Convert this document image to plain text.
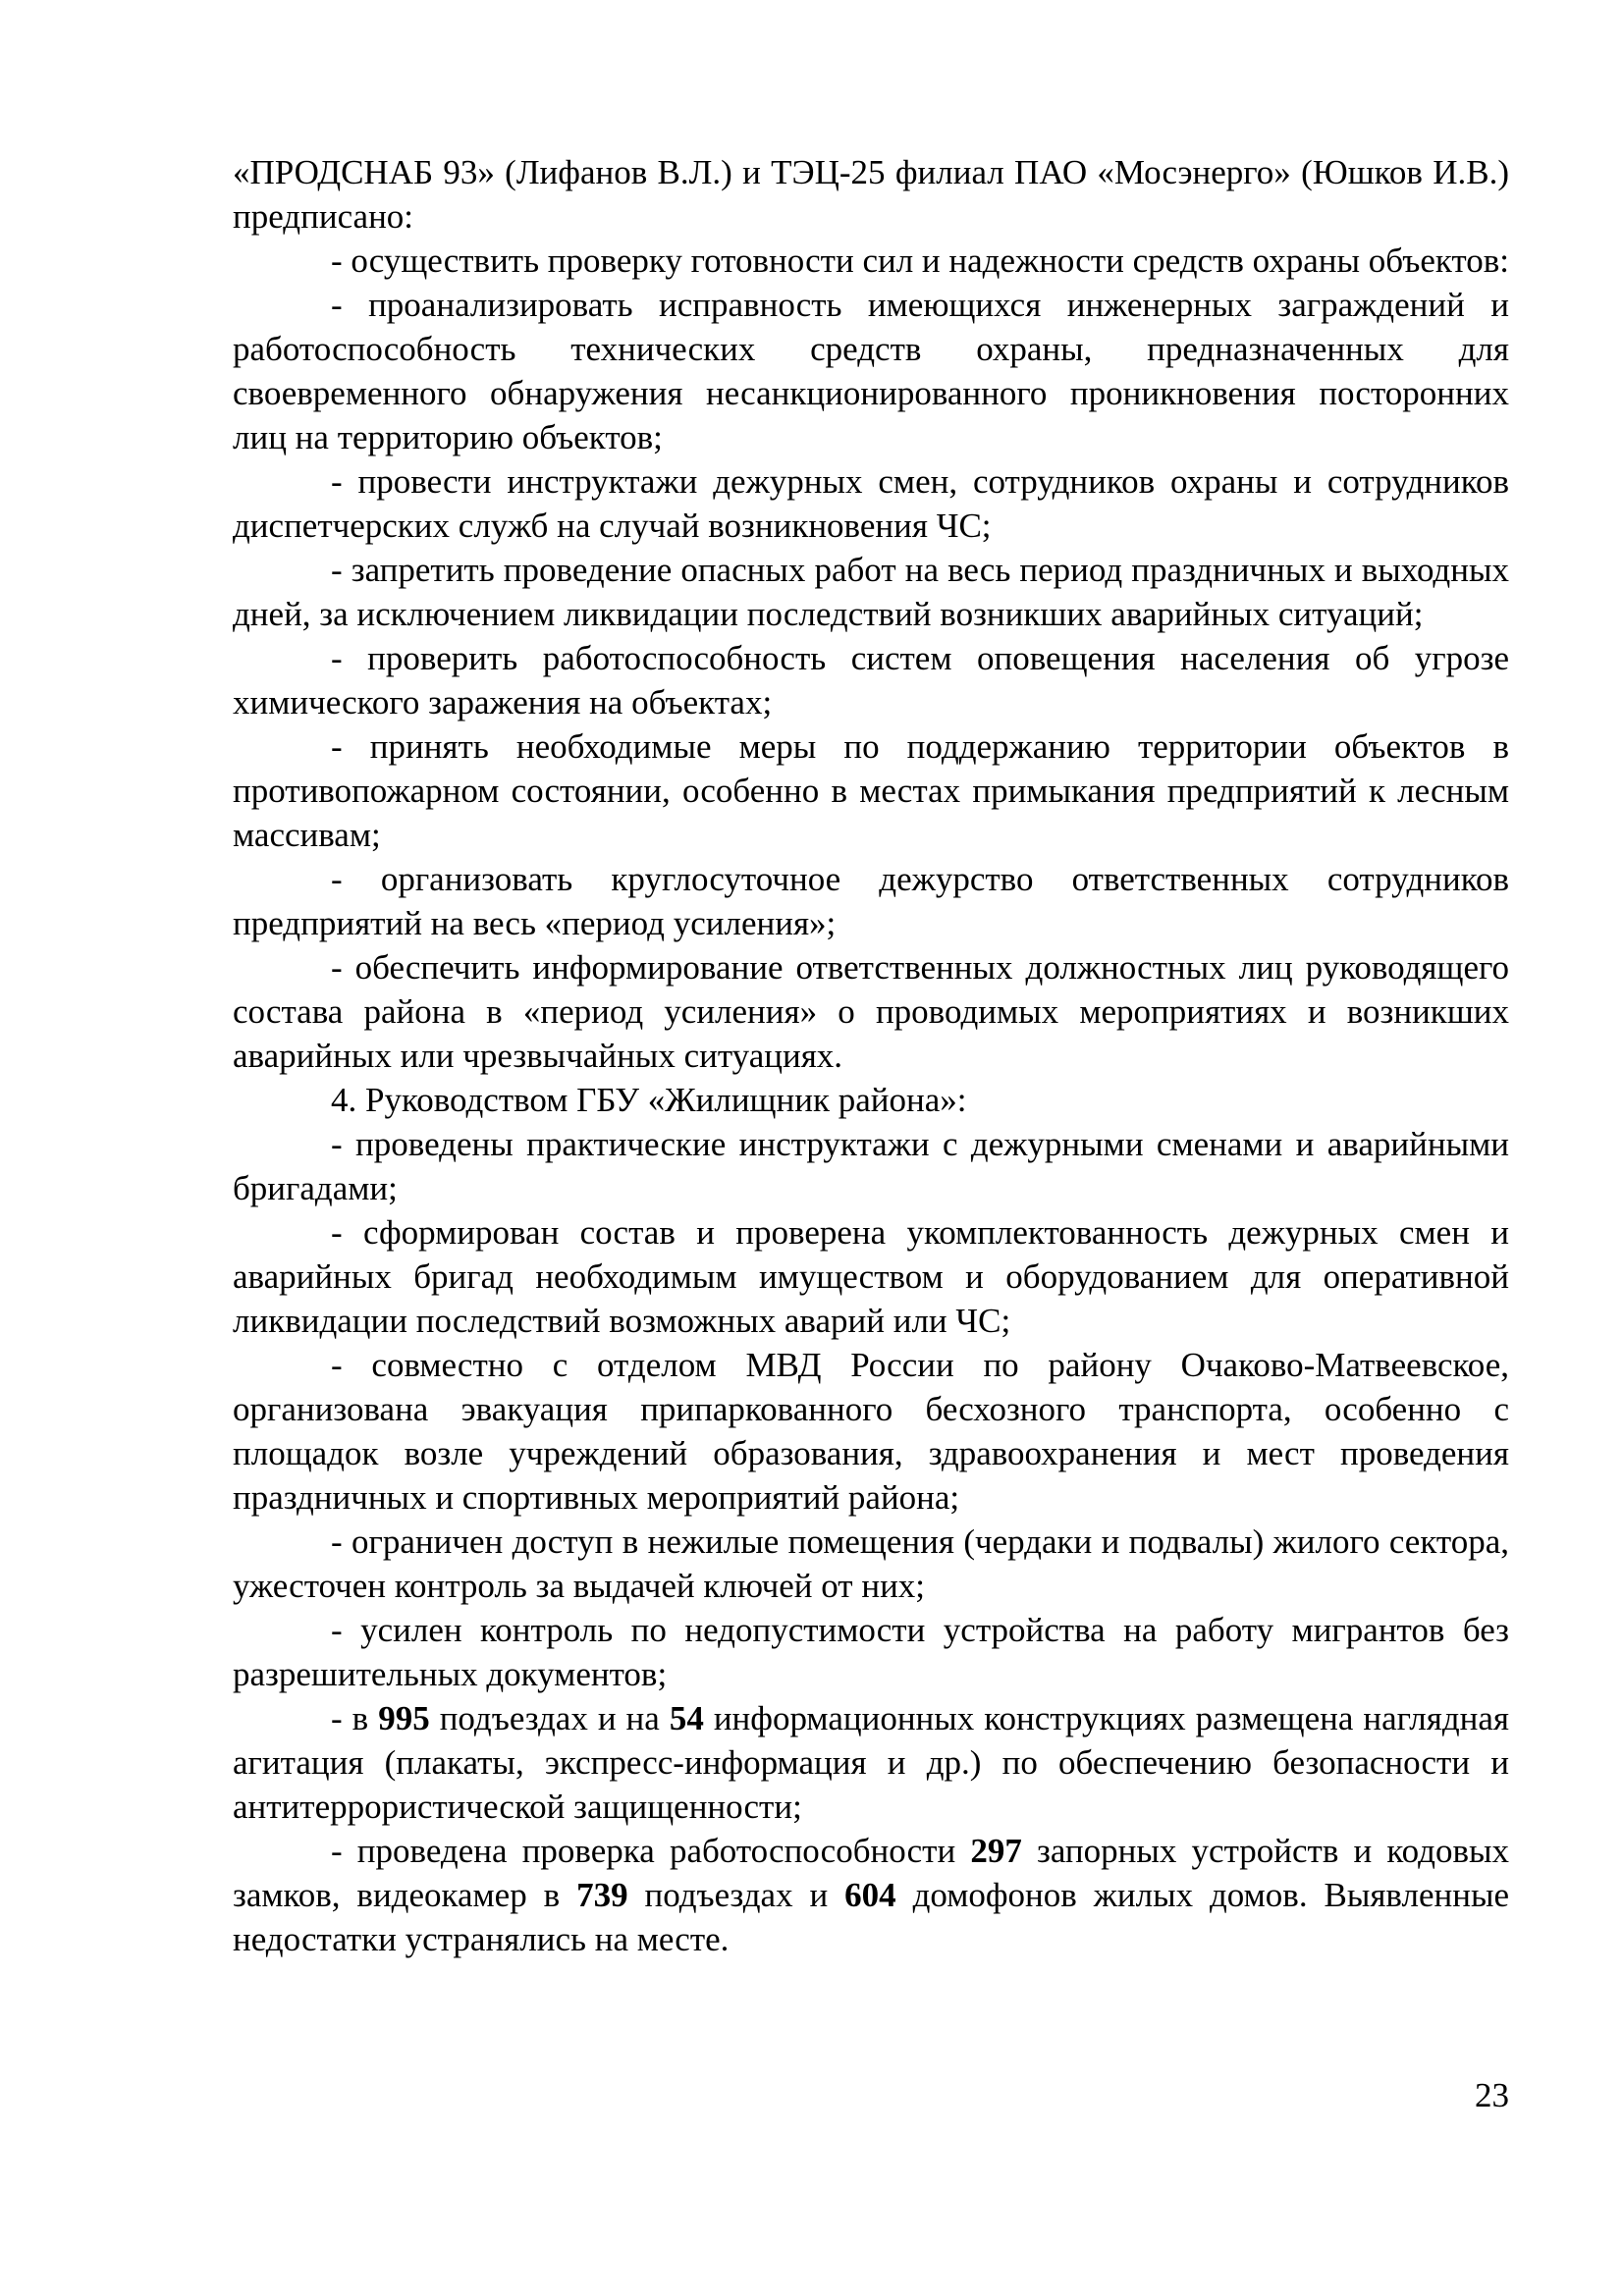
«ПРОДСНАБ 93» (Лифанов В.Л.) и ТЭЦ-25 филиал ПАО «Мосэнерго» (Юшков И.В.) предписано:

- осуществить проверку готовности сил и надежности средств охраны объектов:

- проанализировать исправность имеющихся инженерных заграждений и работоспособность технических средств охраны, предназначенных для своевременного обнаружения несанкционированного проникновения посторонних лиц на территорию объектов;

- провести инструктажи дежурных смен, сотрудников охраны и сотрудников диспетчерских служб на случай возникновения ЧС;

- запретить проведение опасных работ на весь период праздничных и выходных дней, за исключением ликвидации последствий возникших аварийных ситуаций;

- проверить работоспособность систем оповещения населения об угрозе химического заражения на объектах;

- принять необходимые меры по поддержанию территории объектов в противопожарном состоянии, особенно в местах примыкания предприятий к лесным массивам;

- организовать круглосуточное дежурство ответственных сотрудников предприятий на весь «период усиления»;

- обеспечить информирование ответственных должностных лиц руководящего состава района в «период усиления» о проводимых мероприятиях и возникших аварийных или чрезвычайных ситуациях.

4. Руководством ГБУ «Жилищник района»:

- проведены практические инструктажи с дежурными сменами и аварийными бригадами;

- сформирован состав и проверена укомплектованность дежурных смен и аварийных бригад необходимым имуществом и оборудованием для оперативной ликвидации последствий возможных аварий или ЧС;

- совместно с отделом МВД России по району Очаково-Матвеевское, организована эвакуация припаркованного бесхозного транспорта, особенно с площадок возле учреждений образования, здравоохранения и мест проведения праздничных и спортивных мероприятий района;

- ограничен доступ в нежилые помещения (чердаки и подвалы) жилого сектора, ужесточен контроль за выдачей ключей от них;

- усилен контроль по недопустимости устройства на работу мигрантов без разрешительных документов;

- в 995 подъездах и на 54 информационных конструкциях размещена наглядная агитация (плакаты, экспресс-информация и др.) по обеспечению безопасности и антитеррористической защищенности;

- проведена проверка работоспособности 297 запорных устройств и кодовых замков, видеокамер в 739 подъездах и 604 домофонов жилых домов. Выявленные недостатки устранялись на месте.

23
